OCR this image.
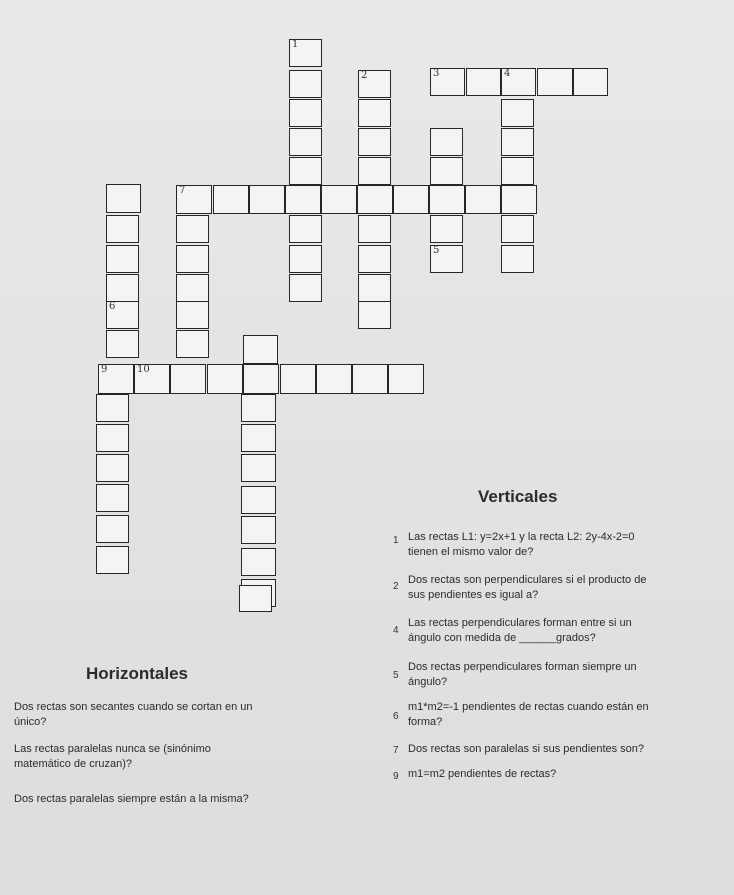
1
2	3	4
5
6
7
9	10
Verticales
Horizontales
1 Las rectas L1: y=2x+1 y la recta L2: 2y-4x-2=0
tienen el mismo valor de?
2
Dos rectas son perpendiculares si el producto de
sus pendientes es igual a?
4
Las rectas perpendiculares forman entre si un
ángulo con medida de ______grados?
5
Dos rectas perpendiculares forman siempre un
ángulo?
6
m1*m2=-1 pendientes de rectas cuando están en
forma?
7 Dos rectas son paralelas si sus pendientes son?
9 m1=m2 pendientes de rectas?
Dos rectas son secantes cuando se cortan en un
único?
Las rectas paralelas nunca se (sinónimo
matemático de cruzan)?
Dos rectas paralelas siempre están a la misma?
